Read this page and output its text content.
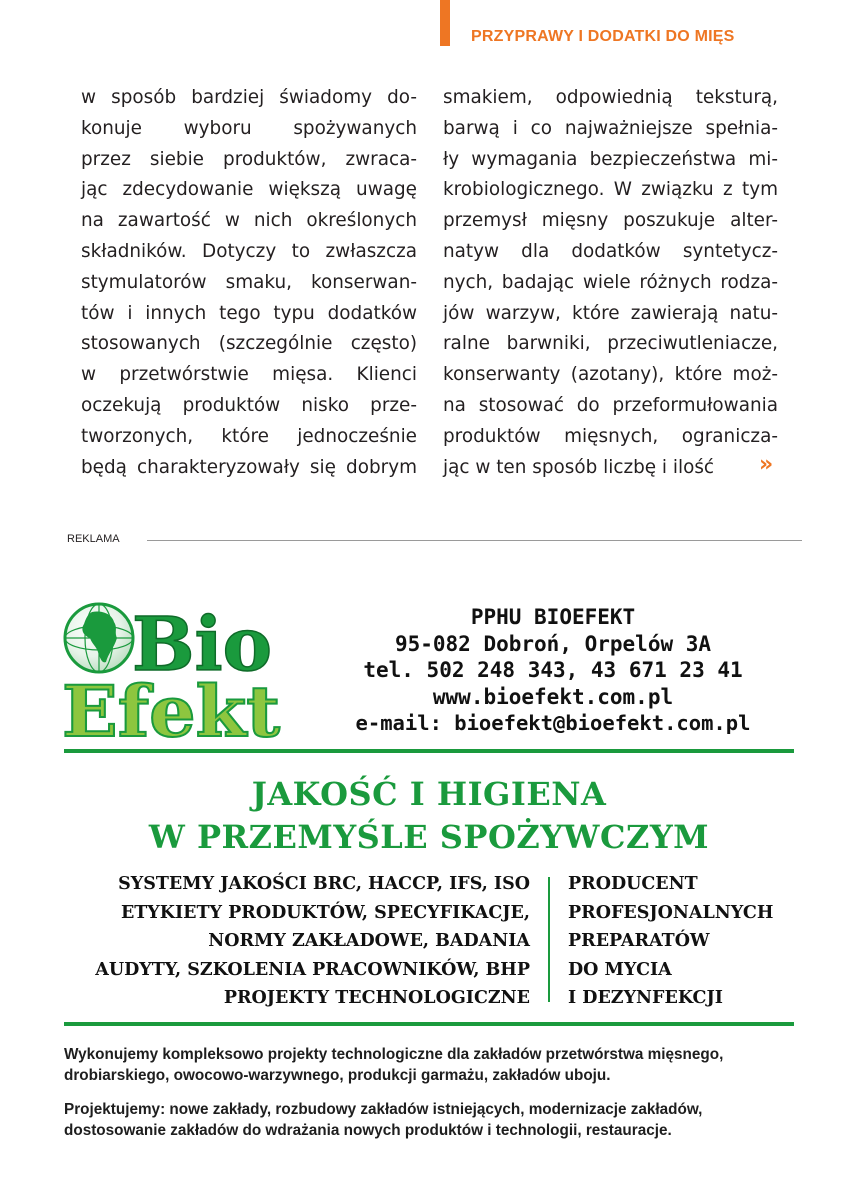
PRZYPRAWY I DODATKI DO MIĘS
w sposób bardziej świadomy do-
konuje wyboru spożywanych
przez siebie produktów, zwraca-
jąc zdecydowanie większą uwagę
na zawartość w nich określonych
składników. Dotyczy to zwłaszcza
stymulatorów smaku, konserwan-
tów i innych tego typu dodatków
stosowanych (szczególnie często)
w przetwórstwie mięsa. Klienci
oczekują produktów nisko prze-
tworzonych, które jednocześnie
będą charakteryzowały się dobrym
smakiem, odpowiednią teksturą,
barwą i co najważniejsze spełnia-
ły wymagania bezpieczeństwa mi-
krobiologicznego. W związku z tym
przemysł mięsny poszukuje alter-
natyw dla dodatków syntetycz-
nych, badając wiele różnych rodza-
jów warzyw, które zawierają natu-
ralne barwniki, przeciwutleniacze,
konserwanty (azotany), które moż-
na stosować do przeformułowania
produktów mięsnych, ogranicza-
jąc w ten sposób liczbę i ilość	»
REKLAMA
Bio
Efekt
PPHU BIOEFEKT
95-082 Dobroń, Orpelów 3A
tel. 502 248 343, 43 671 23 41
www.bioefekt.com.pl
e-mail: bioefekt@bioefekt.com.pl
JAKOŚĆ I HIGIENA
W PRZEMYŚLE SPOŻYWCZYM
SYSTEMY JAKOŚCI BRC, HACCP, IFS, ISO
ETYKIETY PRODUKTÓW, SPECYFIKACJE,
NORMY ZAKŁADOWE, BADANIA
AUDYTY, SZKOLENIA PRACOWNIKÓW, BHP
PROJEKTY TECHNOLOGICZNE
PRODUCENT
PROFESJONALNYCH
PREPARATÓW
DO MYCIA
I DEZYNFEKCJI
Wykonujemy kompleksowo projekty technologiczne dla zakładów przetwórstwa mięsnego,
drobiarskiego, owocowo-warzywnego, produkcji garmażu, zakładów uboju.
Projektujemy: nowe zakłady, rozbudowy zakładów istniejących, modernizacje zakładów,
dostosowanie zakładów do wdrażania nowych produktów i technologii, restauracje.
